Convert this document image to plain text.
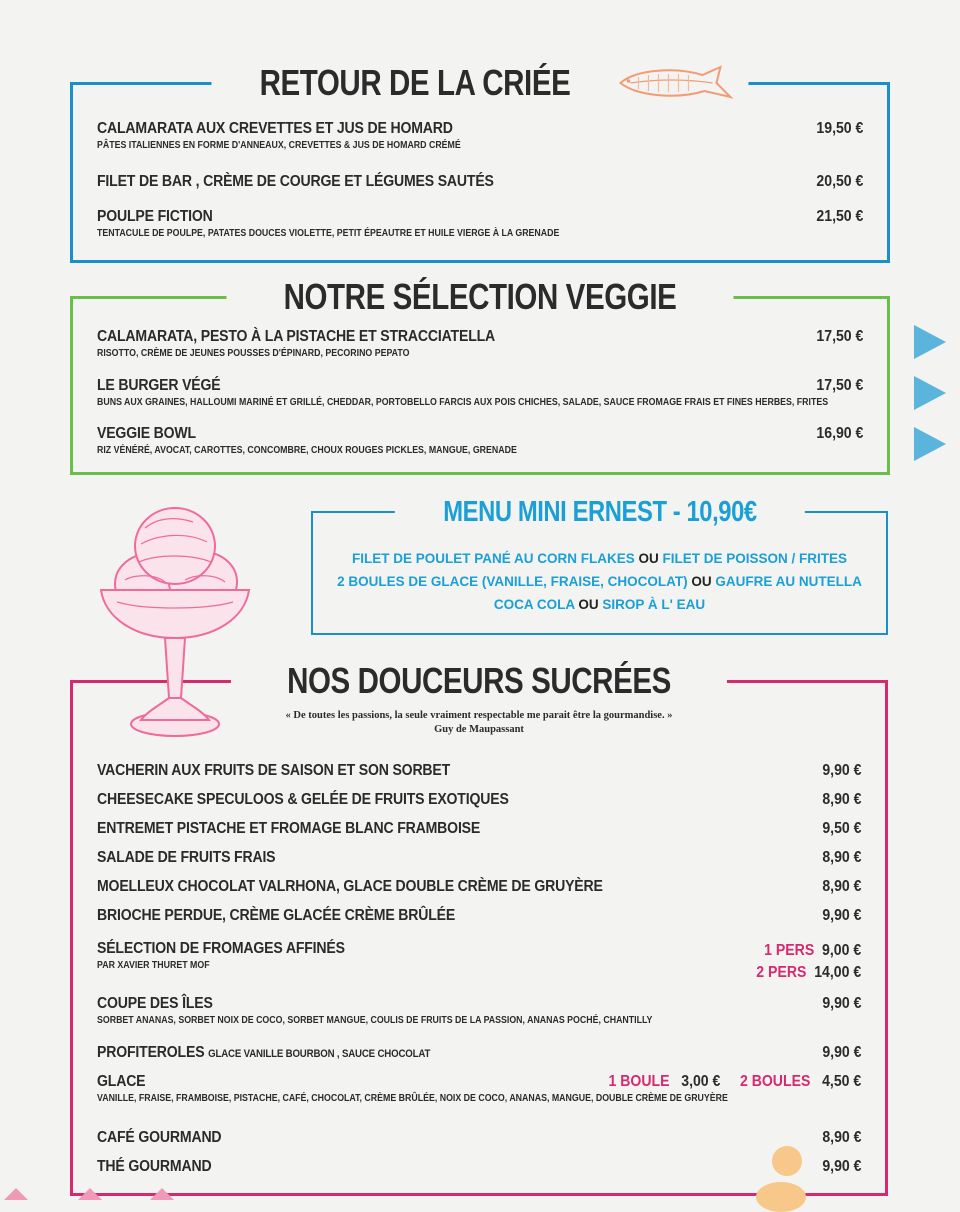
RETOUR DE LA CRIÉE
CALAMARATA AUX CREVETTES ET JUS DE HOMARD
PÂTES ITALIENNES EN FORME D'ANNEAUX, CREVETTES & JUS DE HOMARD CRÉMÉ
19,50 €
FILET DE BAR , CRÈME DE COURGE ET LÉGUMES SAUTÉS	20,50 €
POULPE FICTION
TENTACULE DE POULPE, PATATES DOUCES VIOLETTE, PETIT ÉPEAUTRE ET HUILE VIERGE À LA GRENADE
21,50 €
NOTRE SÉLECTION VEGGIE
CALAMARATA, PESTO À LA PISTACHE ET STRACCIATELLA
RISOTTO, CRÈME DE JEUNES POUSSES D'ÉPINARD, PECORINO PEPATO
17,50 €
LE BURGER VÉGÉ
BUNS AUX GRAINES, HALLOUMI MARINÉ ET GRILLÉ, CHEDDAR, PORTOBELLO FARCIS AUX POIS CHICHES, SALADE, SAUCE FROMAGE FRAIS ET FINES HERBES, FRITES
17,50 €
VEGGIE BOWL
RIZ VÉNÉRÉ, AVOCAT, CAROTTES, CONCOMBRE, CHOUX ROUGES PICKLES, MANGUE, GRENADE
16,90 €
MENU MINI ERNEST - 10,90€
FILET DE POULET PANÉ AU CORN FLAKES OU FILET DE POISSON / FRITES
2 BOULES DE GLACE (VANILLE, FRAISE, CHOCOLAT) OU GAUFRE AU NUTELLA
COCA COLA OU SIROP À L' EAU
NOS DOUCEURS SUCRÉES
« De toutes les passions, la seule vraiment respectable me parait être la gourmandise. »
Guy de Maupassant
VACHERIN AUX FRUITS DE SAISON ET SON SORBET	9,90 €
CHEESECAKE SPECULOOS & GELÉE DE FRUITS EXOTIQUES	8,90 €
ENTREMET PISTACHE ET FROMAGE BLANC FRAMBOISE	9,50 €
SALADE DE FRUITS FRAIS	8,90 €
MOELLEUX CHOCOLAT VALRHONA, GLACE DOUBLE CRÈME DE GRUYÈRE	8,90 €
BRIOCHE PERDUE, CRÈME GLACÉE CRÈME BRÛLÉE	9,90 €
SÉLECTION DE FROMAGES AFFINÉS
PAR XAVIER THURET MOF
1 PERS 9,00 €
2 PERS 14,00 €
COUPE DES ÎLES
SORBET ANANAS, SORBET NOIX DE COCO, SORBET MANGUE, COULIS DE FRUITS DE LA PASSION, ANANAS POCHÉ, CHANTILLY
9,90 €
PROFITEROLES GLACE VANILLE BOURBON , SAUCE CHOCOLAT	9,90 €
GLACE
VANILLE, FRAISE, FRAMBOISE, PISTACHE, CAFÉ, CHOCOLAT, CRÈME BRÛLÉE, NOIX DE COCO, ANANAS, MANGUE, DOUBLE CRÈME DE GRUYÈRE
1 BOULE 3,00 € 2 BOULES 4,50 €
CAFÉ GOURMAND	8,90 €
THÉ GOURMAND	9,90 €
